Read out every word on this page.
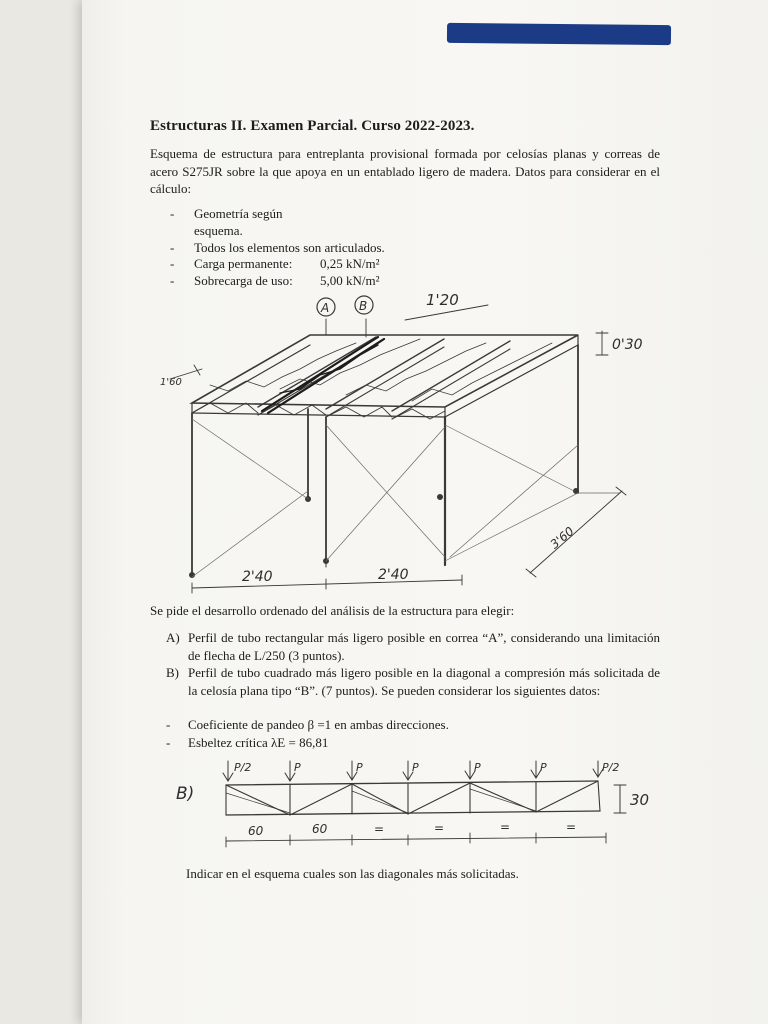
Estructuras II. Examen Parcial. Curso 2022-2023.
Esquema de estructura para entreplanta provisional formada por celosías planas y correas de acero S275JR sobre la que apoya en un entablado ligero de madera. Datos para considerar en el cálculo:
- Geometría según esquema.
- Todos los elementos son articulados.
- Carga permanente: 0,25 kN/m²
- Sobrecarga de uso: 5,00 kN/m²
A B	1'20
0'30
1'60
2'40	2'40
3'60
Se pide el desarrollo ordenado del análisis de la estructura para elegir:
A) Perfil de tubo rectangular más ligero posible en correa “A”, considerando una limitación de flecha de L/250 (3 puntos).
B) Perfil de tubo cuadrado más ligero posible en la diagonal a compresión más solicitada de la celosía plana tipo “B”. (7 puntos). Se pueden considerar los siguientes datos:
- Coeficiente de pandeo β =1 en ambas direcciones.
- Esbeltez crítica λE = 86,81
B)
P/2	P	P	P	P	P	P/2
30
60	60	=	=	=	=
Indicar en el esquema cuales son las diagonales más solicitadas.
